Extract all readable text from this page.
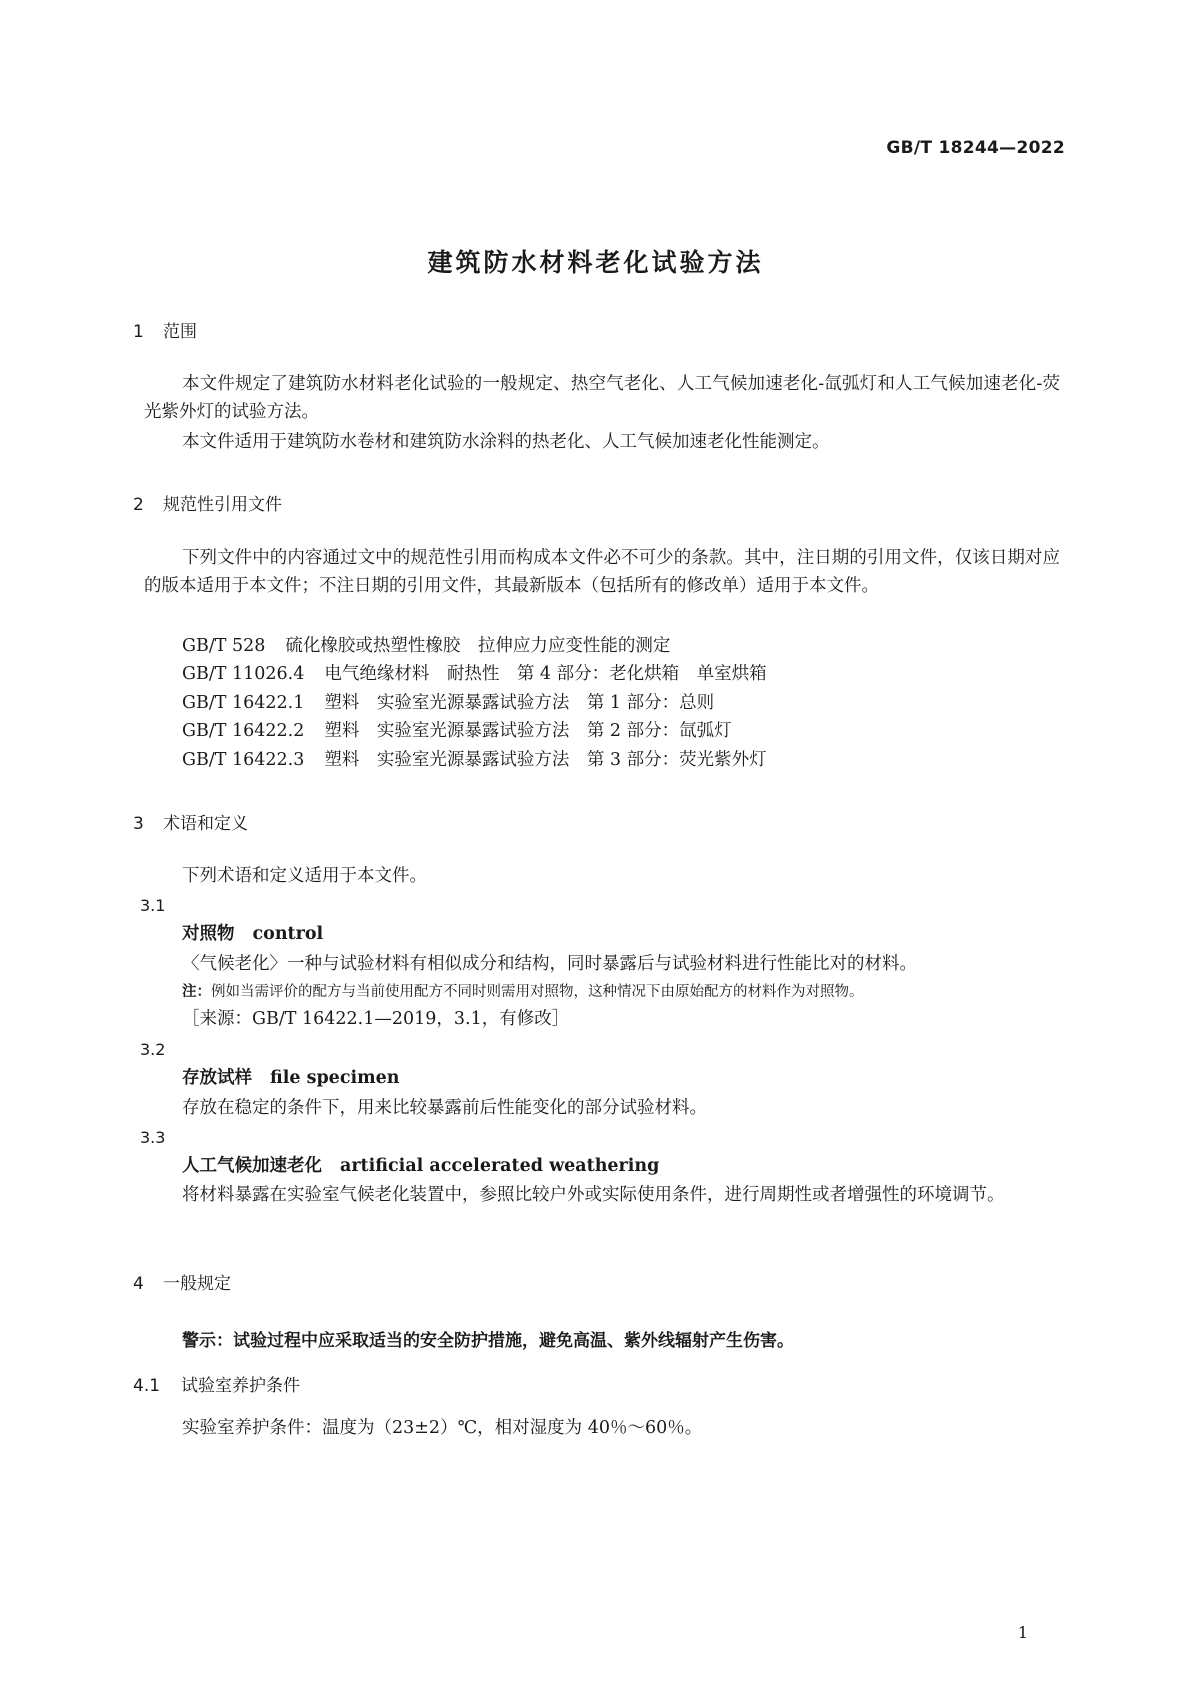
GB/T 18244—2022
建筑防水材料老化试验方法
1 范围
本文件规定了建筑防水材料老化试验的一般规定、热空气老化、人工气候加速老化-氙弧灯和人工气候加速老化-荧光紫外灯的试验方法。
本文件适用于建筑防水卷材和建筑防水涂料的热老化、人工气候加速老化性能测定。
2 规范性引用文件
下列文件中的内容通过文中的规范性引用而构成本文件必不可少的条款。其中，注日期的引用文件，仅该日期对应的版本适用于本文件；不注日期的引用文件，其最新版本（包括所有的修改单）适用于本文件。
GB/T 528 硫化橡胶或热塑性橡胶　拉伸应力应变性能的测定
GB/T 11026.4 电气绝缘材料　耐热性　第 4 部分：老化烘箱　单室烘箱
GB/T 16422.1 塑料　实验室光源暴露试验方法　第 1 部分：总则
GB/T 16422.2 塑料　实验室光源暴露试验方法　第 2 部分：氙弧灯
GB/T 16422.3 塑料　实验室光源暴露试验方法　第 3 部分：荧光紫外灯
3 术语和定义
下列术语和定义适用于本文件。
3.1
对照物 control
〈气候老化〉一种与试验材料有相似成分和结构，同时暴露后与试验材料进行性能比对的材料。
注：例如当需评价的配方与当前使用配方不同时则需用对照物，这种情况下由原始配方的材料作为对照物。
［来源：GB/T 16422.1—2019，3.1，有修改］
3.2
存放试样 file specimen
存放在稳定的条件下，用来比较暴露前后性能变化的部分试验材料。
3.3
人工气候加速老化 artificial accelerated weathering
将材料暴露在实验室气候老化装置中，参照比较户外或实际使用条件，进行周期性或者增强性的环境调节。
4 一般规定
警示：试验过程中应采取适当的安全防护措施，避免高温、紫外线辐射产生伤害。
4.1 试验室养护条件
实验室养护条件：温度为（23±2）℃，相对湿度为 40％～60％。
1
